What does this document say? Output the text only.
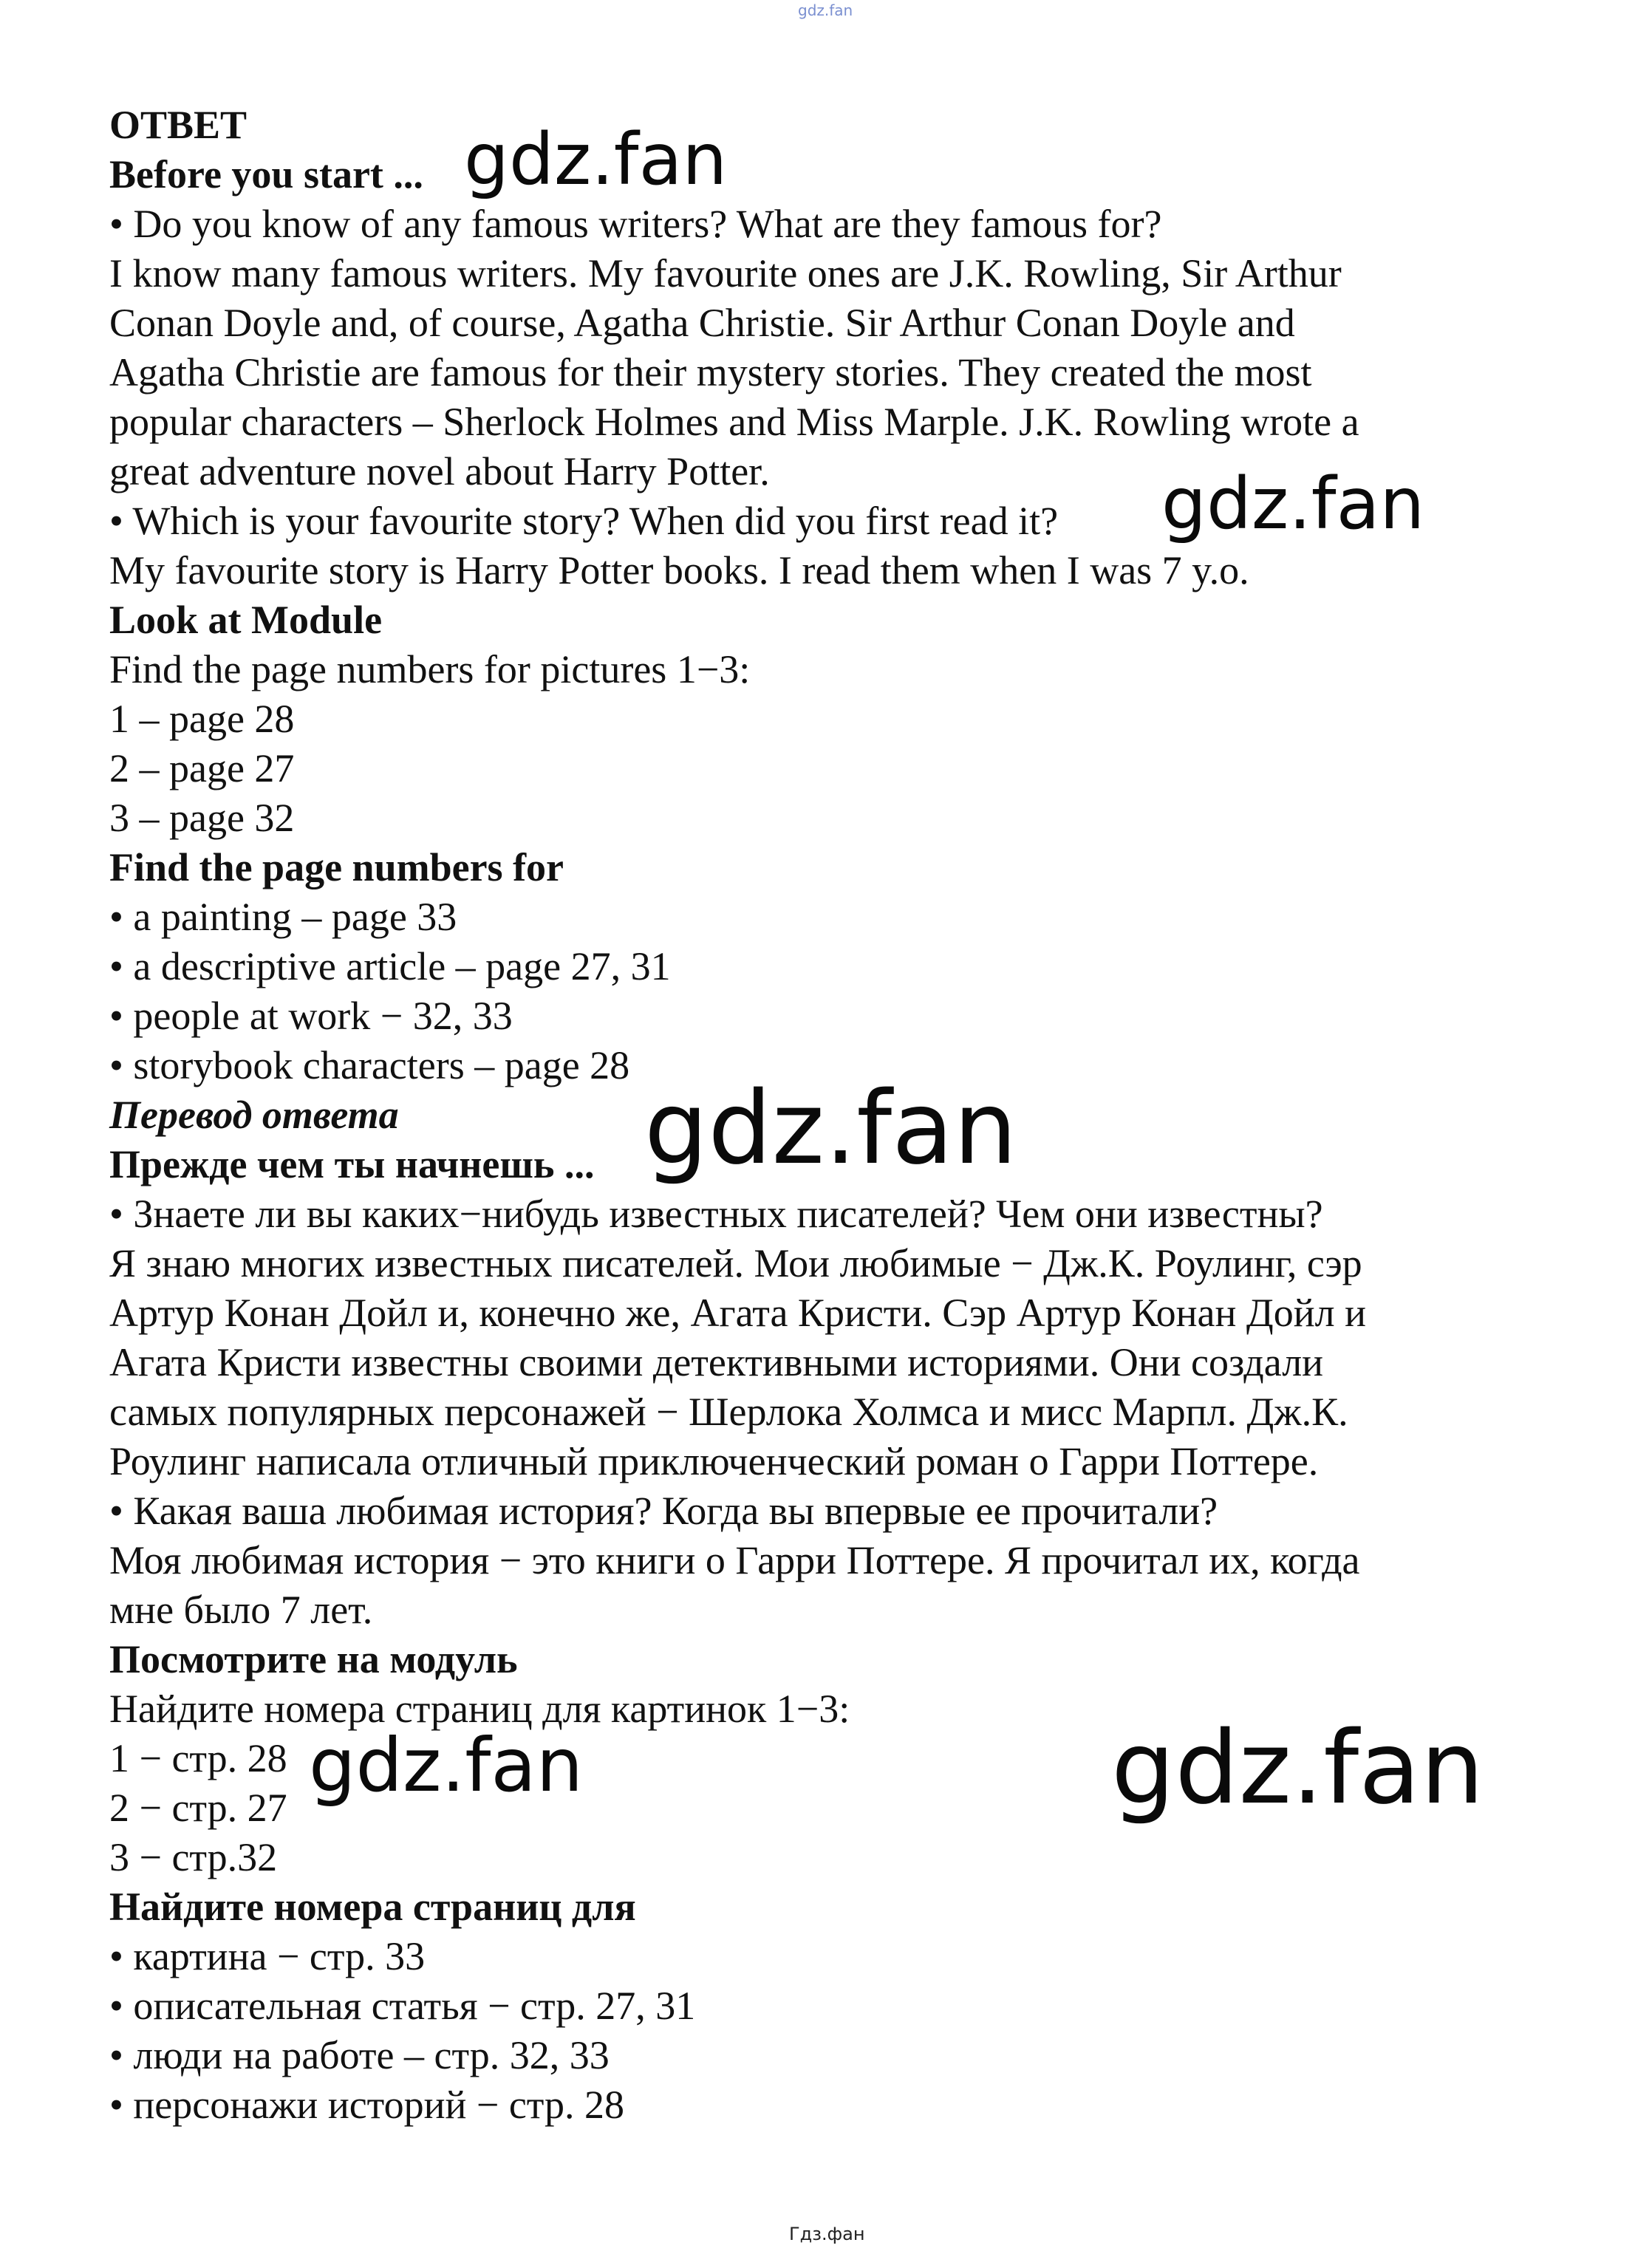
gdz.fan

ОТВЕТ

Before you start ...

• Do you know of any famous writers? What are they famous for?

I know many famous writers. My favourite ones are J.K. Rowling, Sir Arthur

Conan Doyle and, of course, Agatha Christie. Sir Arthur Conan Doyle and

Agatha Christie are famous for their mystery stories. They created the most

popular characters – Sherlock Holmes and Miss Marple. J.K. Rowling wrote a

great adventure novel about Harry Potter.

• Which is your favourite story? When did you first read it?

My favourite story is Harry Potter books. I read them when I was 7 y.o.

Look at Module

Find the page numbers for pictures 1−3:

1 – page 28

2 – page 27

3 – page 32

Find the page numbers for

• a painting – page 33

• a descriptive article – page 27, 31

• people at work − 32, 33

• storybook characters – page 28

Перевод ответа

Прежде чем ты начнешь ...

• Знаете ли вы каких−нибудь известных писателей? Чем они известны?

Я знаю многих известных писателей. Мои любимые − Дж.К. Роулинг, сэр

Артур Конан Дойл и, конечно же, Агата Кристи. Сэр Артур Конан Дойл и

Агата Кристи известны своими детективными историями. Они создали

самых популярных персонажей − Шерлока Холмса и мисс Марпл. Дж.К.

Роулинг написала отличный приключенческий роман о Гарри Поттере.

• Какая ваша любимая история? Когда вы впервые ее прочитали?

Моя любимая история − это книги о Гарри Поттере. Я прочитал их, когда

мне было 7 лет.

Посмотрите на модуль

Найдите номера страниц для картинок 1−3:

1 − стр. 28

2 − стр. 27

3 − стр.32

Найдите номера страниц для

• картина − стр. 33

• описательная статья − стр. 27, 31

• люди на работе – стр. 32, 33

• персонажи историй − стр. 28

gdz.fan
gdz.fan
gdz.fan
gdz.fan	gdz.fan
Гдз.фан
